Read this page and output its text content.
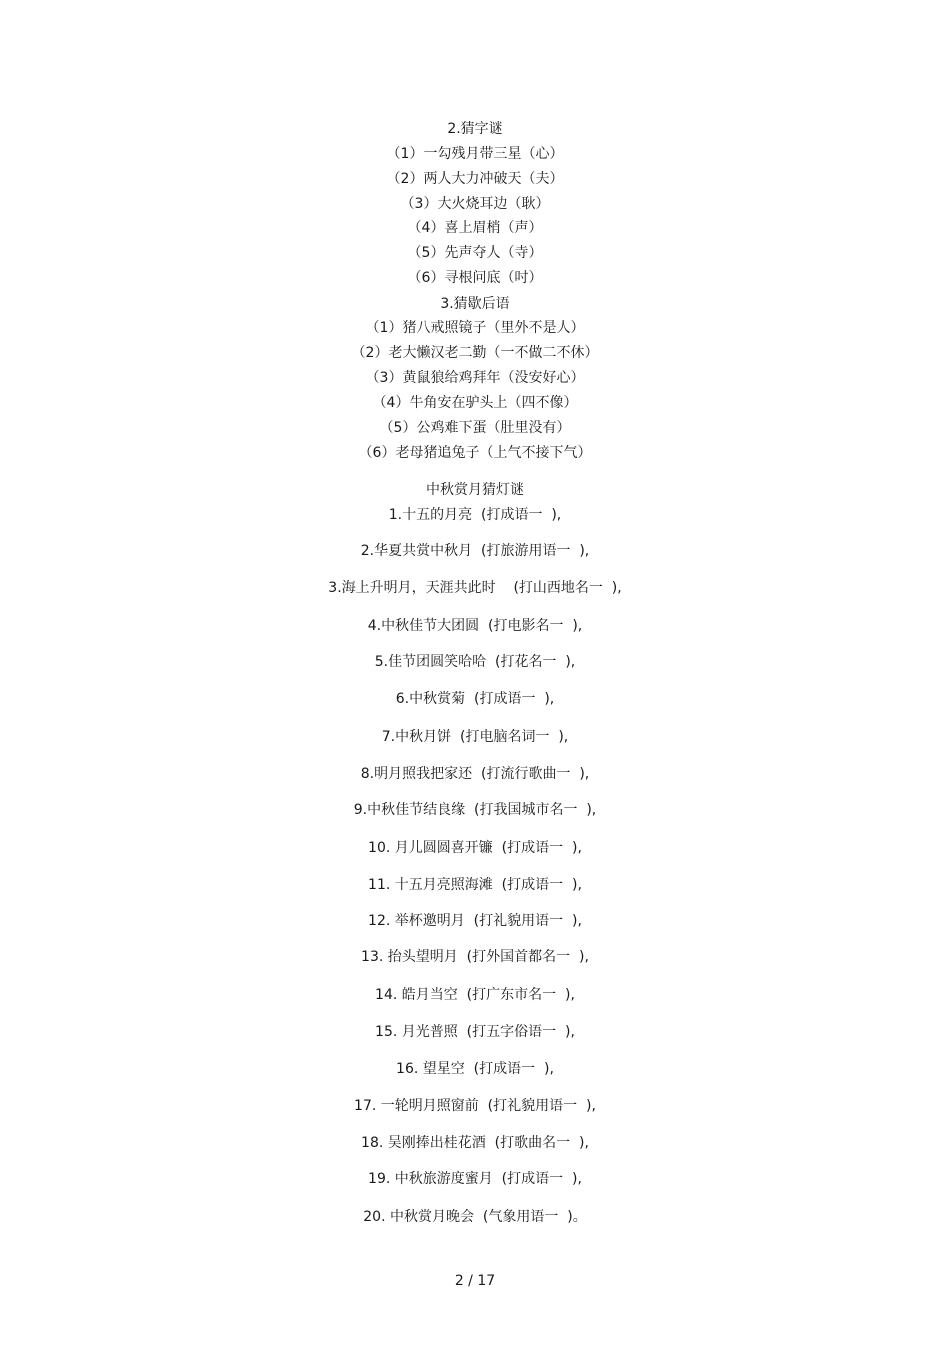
2.猜字谜
（1）一勾残月带三星（心）
（2）两人大力冲破天（夫）
（3）大火烧耳边（耿）
（4）喜上眉梢（声）
（5）先声夺人（寺）
（6）寻根问底（吋）
3.猜歇后语
（1）猪八戒照镜子（里外不是人）
（2）老大懒汉老二勤（一不做二不休）
（3）黄鼠狼给鸡拜年（没安好心）
（4）牛角安在驴头上（四不像）
（5）公鸡难下蛋（肚里没有）
（6）老母猪追兔子（上气不接下气）
中秋赏月猜灯谜
1.十五的月亮  (打成语一  ),
2.华夏共赏中秋月  (打旅游用语一  ),
3.海上升明月，天涯共此时    (打山西地名一  ),
4.中秋佳节大团圆  (打电影名一  ),
5.佳节团圆笑哈哈  (打花名一  ),
6.中秋赏菊  (打成语一  ),
7.中秋月饼  (打电脑名词一  ),
8.明月照我把家还  (打流行歌曲一  ),
9.中秋佳节结良缘  (打我国城市名一  ),
10. 月儿圆圆喜开镰  (打成语一  ),
11. 十五月亮照海滩  (打成语一  ),
12. 举杯邀明月  (打礼貌用语一  ),
13. 抬头望明月  (打外国首都名一  ),
14. 皓月当空  (打广东市名一  ),
15. 月光普照  (打五字俗语一  ),
16. 望星空  (打成语一  ),
17. 一轮明月照窗前  (打礼貌用语一  ),
18. 吴刚捧出桂花酒  (打歌曲名一  ),
19. 中秋旅游度蜜月  (打成语一  ),
20. 中秋赏月晚会  (气象用语一  )。
2 / 17
